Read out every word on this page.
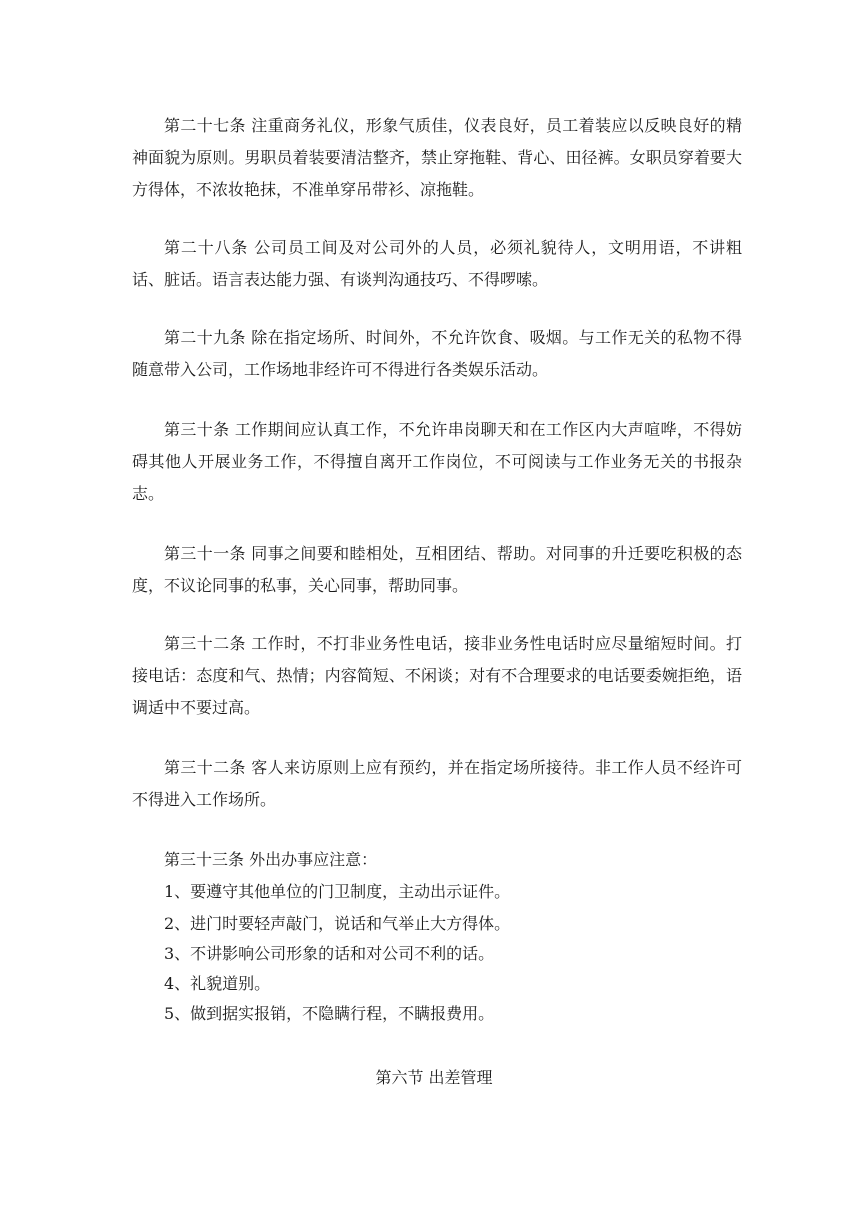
第二十七条 注重商务礼仪，形象气质佳，仪表良好，员工着装应以反映良好的精神面貌为原则。男职员着装要清洁整齐，禁止穿拖鞋、背心、田径裤。女职员穿着要大方得体，不浓妆艳抹，不准单穿吊带衫、凉拖鞋。

第二十八条 公司员工间及对公司外的人员，必须礼貌待人，文明用语，不讲粗话、脏话。语言表达能力强、有谈判沟通技巧、不得啰嗦。

第二十九条 除在指定场所、时间外，不允许饮食、吸烟。与工作无关的私物不得随意带入公司，工作场地非经许可不得进行各类娱乐活动。

第三十条 工作期间应认真工作，不允许串岗聊天和在工作区内大声喧哗，不得妨碍其他人开展业务工作，不得擅自离开工作岗位，不可阅读与工作业务无关的书报杂志。

第三十一条 同事之间要和睦相处，互相团结、帮助。对同事的升迁要吃积极的态度，不议论同事的私事，关心同事，帮助同事。

第三十二条 工作时，不打非业务性电话，接非业务性电话时应尽量缩短时间。打接电话：态度和气、热情；内容简短、不闲谈；对有不合理要求的电话要委婉拒绝，语调适中不要过高。

第三十二条 客人来访原则上应有预约，并在指定场所接待。非工作人员不经许可不得进入工作场所。

第三十三条 外出办事应注意：

1、要遵守其他单位的门卫制度，主动出示证件。

2、进门时要轻声敲门，说话和气举止大方得体。

3、不讲影响公司形象的话和对公司不利的话。

4、礼貌道别。

5、做到据实报销，不隐瞒行程，不瞒报费用。

第六节 出差管理
